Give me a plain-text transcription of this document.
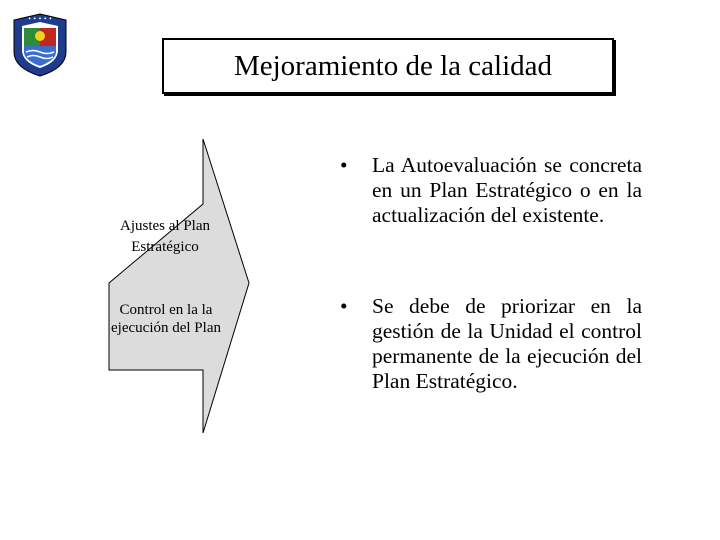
✦ ✦ ✦ ✦ ✦
Mejoramiento de la calidad
Ajustes al Plan Estratégico
Control en la la ejecución del Plan
• La Autoevaluación se concreta en un Plan Estratégico o en la actualización del existente.
• Se debe de priorizar en la gestión de la Unidad el control permanente de la ejecución del Plan Estratégico.
